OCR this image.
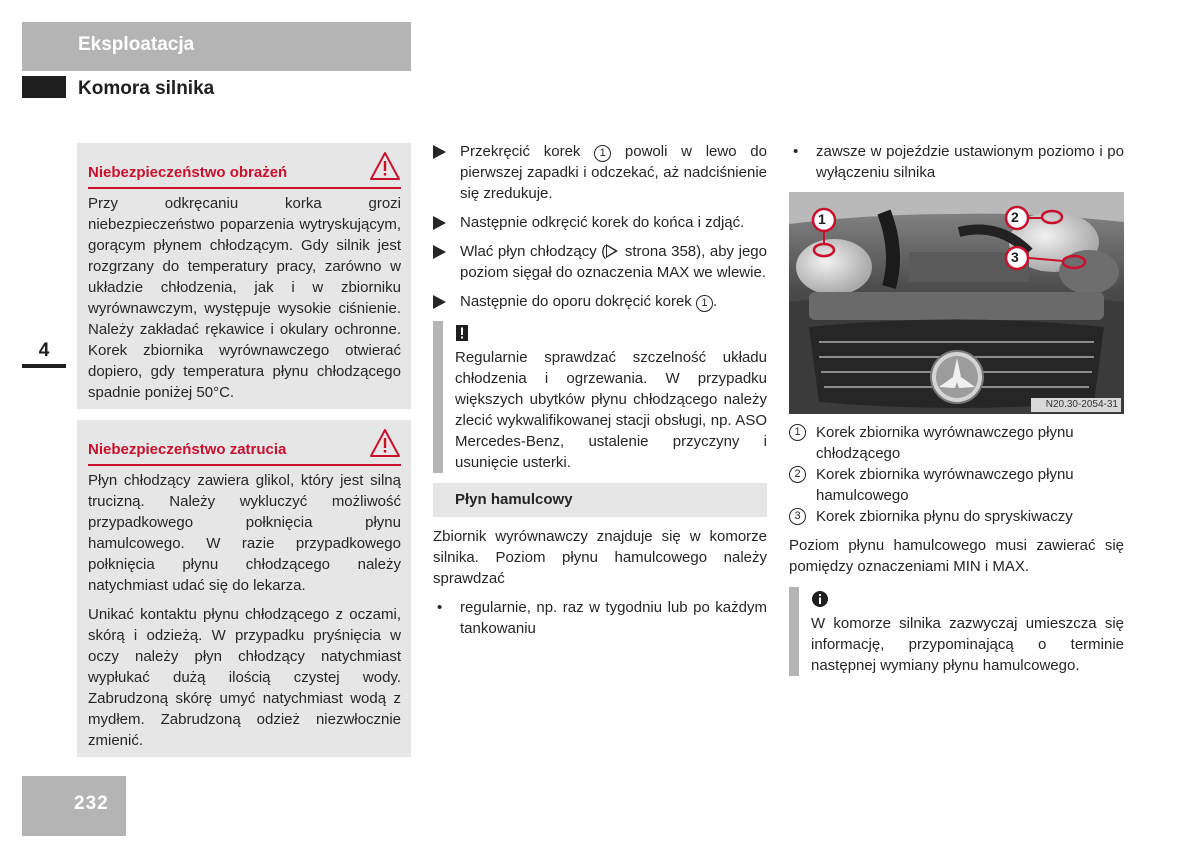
Eksploatacja
Komora silnika
4
Niebezpieczeństwo obrażeń

Przy odkręcaniu korka grozi niebezpieczeństwo poparzenia wytryskującym, gorącym płynem chłodzącym. Gdy silnik jest rozgrzany do temperatury pracy, zarówno w układzie chłodzenia, jak i w zbiorniku wyrównawczym, występuje wysokie ciśnienie. Należy zakładać rękawice i okulary ochronne. Korek zbiornika wyrównawczego otwierać dopiero, gdy temperatura płynu chłodzącego spadnie poniżej 50°C.

Niebezpieczeństwo zatrucia

Płyn chłodzący zawiera glikol, który jest silną trucizną. Należy wykluczyć możliwość przypadkowego połknięcia płynu hamulcowego. W razie przypadkowego połknięcia płynu chłodzącego należy natychmiast udać się do lekarza.

Unikać kontaktu płynu chłodzącego z oczami, skórą i odzieżą. W przypadku pryśnięcia w oczy należy płyn chłodzący natychmiast wypłukać dużą ilością czystej wody. Zabrudzoną skórę umyć natychmiast wodą z mydłem. Zabrudzoną odzież niezwłocznie zmienić.

Przekręcić korek 1 powoli w lewo do pierwszej zapadki i odczekać, aż nadciśnienie się zredukuje.
Następnie odkręcić korek do końca i zdjąć.
Wlać płyn chłodzący ( strona 358), aby jego poziom sięgał do oznaczenia MAX we wlewie.
Następnie do oporu dokręcić korek 1 .
Regularnie sprawdzać szczelność układu chłodzenia i ogrzewania. W przypadku większych ubytków płynu chłodzącego należy zlecić wykwalifikowanej stacji obsługi, np. ASO Mercedes-Benz, ustalenie przyczyny i usunięcie usterki.
Płyn hamulcowy
Zbiornik wyrównawczy znajduje się w komorze silnika. Poziom płynu hamulcowego należy sprawdzać
• regularnie, np. raz w tygodniu lub po każdym tankowaniu
• zawsze w pojeździe ustawionym poziomo i po wyłączeniu silnika
1	2
3
N20.30-2054-31
1	Korek zbiornika wyrównawczego płynu chłodzącego
2	Korek zbiornika wyrównawczego płynu hamulcowego
3	Korek zbiornika płynu do spryskiwaczy
Poziom płynu hamulcowego musi zawierać się pomiędzy oznaczeniami MIN i MAX.
W komorze silnika zazwyczaj umieszcza się informację, przypominającą o terminie następnej wymiany płynu hamulcowego.
232
